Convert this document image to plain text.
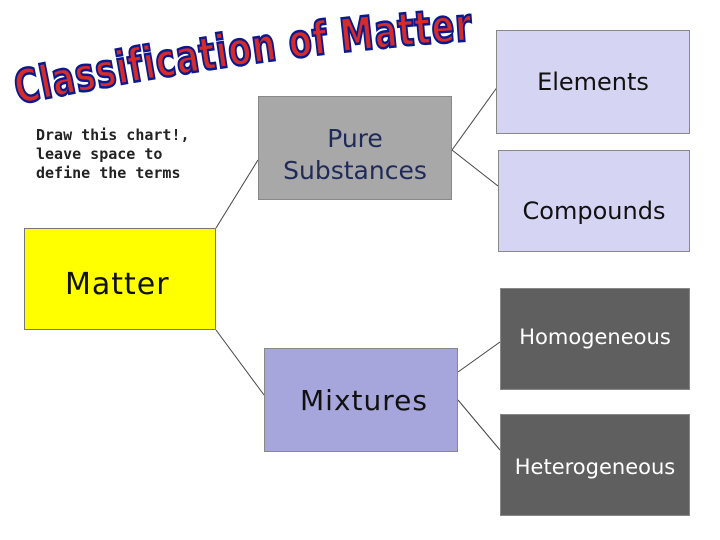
Classification of Matter
Draw this chart!, leave space to define the terms
Matter
Pure Substances
Mixtures
Elements
Compounds
Homogeneous
Heterogeneous
